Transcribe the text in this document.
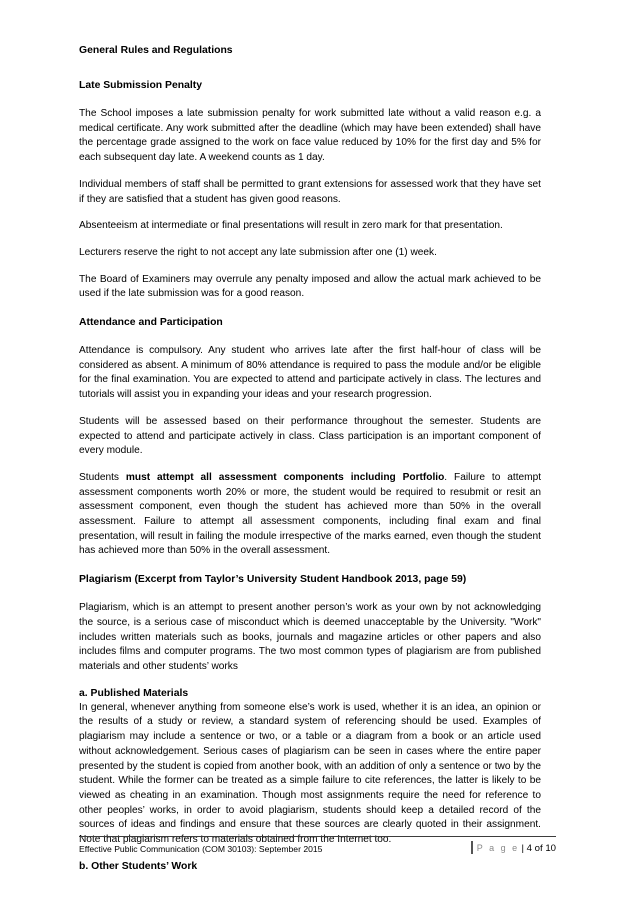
General Rules and Regulations

Late Submission Penalty

The School imposes a late submission penalty for work submitted late without a valid reason e.g. a medical certificate. Any work submitted after the deadline (which may have been extended) shall have the percentage grade assigned to the work on face value reduced by 10% for the first day and 5% for each subsequent day late. A weekend counts as 1 day.

Individual members of staff shall be permitted to grant extensions for assessed work that they have set if they are satisfied that a student has given good reasons.

Absenteeism at intermediate or final presentations will result in zero mark for that presentation.

Lecturers reserve the right to not accept any late submission after one (1) week.

The Board of Examiners may overrule any penalty imposed and allow the actual mark achieved to be used if the late submission was for a good reason.

Attendance and Participation

Attendance is compulsory. Any student who arrives late after the first half-hour of class will be considered as absent. A minimum of 80% attendance is required to pass the module and/or be eligible for the final examination. You are expected to attend and participate actively in class. The lectures and tutorials will assist you in expanding your ideas and your research progression.

Students will be assessed based on their performance throughout the semester. Students are expected to attend and participate actively in class. Class participation is an important component of every module.

Students must attempt all assessment components including Portfolio. Failure to attempt assessment components worth 20% or more, the student would be required to resubmit or resit an assessment component, even though the student has achieved more than 50% in the overall assessment. Failure to attempt all assessment components, including final exam and final presentation, will result in failing the module irrespective of the marks earned, even though the student has achieved more than 50% in the overall assessment.

Plagiarism (Excerpt from Taylor’s University Student Handbook 2013, page 59)

Plagiarism, which is an attempt to present another person’s work as your own by not acknowledging the source, is a serious case of misconduct which is deemed unacceptable by the University. "Work" includes written materials such as books, journals and magazine articles or other papers and also includes films and computer programs. The two most common types of plagiarism are from published materials and other students’ works

a. Published Materials

In general, whenever anything from someone else’s work is used, whether it is an idea, an opinion or the results of a study or review, a standard system of referencing should be used. Examples of plagiarism may include a sentence or two, or a table or a diagram from a book or an article used without acknowledgement. Serious cases of plagiarism can be seen in cases where the entire paper presented by the student is copied from another book, with an addition of only a sentence or two by the student. While the former can be treated as a simple failure to cite references, the latter is likely to be viewed as cheating in an examination. Though most assignments require the need for reference to other peoples’ works, in order to avoid plagiarism, students should keep a detailed record of the sources of ideas and findings and ensure that these sources are clearly quoted in their assignment. Note that plagiarism refers to materials obtained from the Internet too.

b. Other Students’ Work

Effective Public Communication (COM 30103): September 2015	P a g e | 4 of 10
